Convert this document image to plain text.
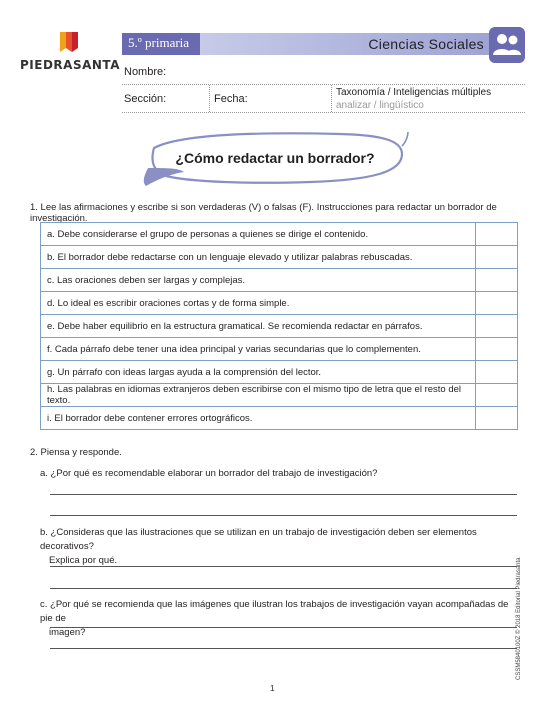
PIEDRASANTA
5.º primaria	Ciencias Sociales
Nombre:
Sección:	Fecha:
Taxonomía / Inteligencias múltiples
analizar / lingüístico
¿Cómo redactar un borrador?
1. Lee las afirmaciones y escribe si son verdaderas (V) o falsas (F). Instrucciones para redactar un borrador de investigación.
a. Debe considerarse el grupo de personas a quienes se dirige el contenido.	
b. El borrador debe redactarse con un lenguaje elevado y utilizar palabras rebuscadas.	
c. Las oraciones deben ser largas y complejas.	
d. Lo ideal es escribir oraciones cortas y de forma simple.	
e. Debe haber equilibrio en la estructura gramatical. Se recomienda redactar en párrafos.	
f. Cada párrafo debe tener una idea principal y varias secundarias que lo complementen.	
g. Un párrafo con ideas largas ayuda a la comprensión del lector.	
h. Las palabras en idiomas extranjeros deben escribirse con el mismo tipo de letra que el resto del texto.	
i. El borrador debe contener errores ortográficos.	
2. Piensa y responde.
a. ¿Por qué es recomendable elaborar un borrador del trabajo de investigación?
b. ¿Consideras que las ilustraciones que se utilizan en un trabajo de investigación deben ser elementos decorativos?
Explica por qué.
c. ¿Por qué se recomienda que las imágenes que ilustran los trabajos de investigación vayan acompañadas de pie de
imagen?
1
CSSM5840100Z © 2018 Editorial Piedrasanta
